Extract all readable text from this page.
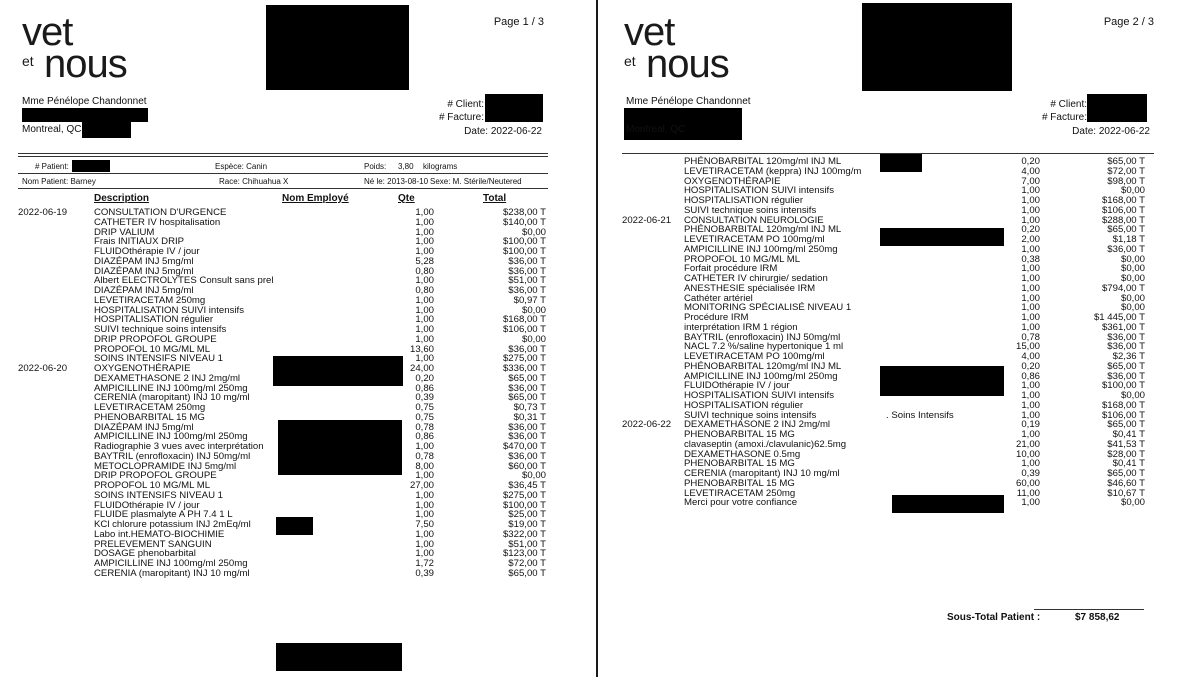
vet
et nous
Page 1 / 3
Mme Pénélope Chandonnet
Montreal, QC
# Client:
# Facture:
Date: 2022-06-22
# Patient:	Espèce: Canin	Poids: 3,80 kilograms
Nom Patient: Barney	Race: Chihuahua X	Né le: 2013-08-10 Sexe: M. Stérile/Neutered
Description	Nom Employé	Qte	Total
2022-06-19	CONSULTATION D'URGENCE	1,00	$238,00 T
CATHETER IV hospitalisation	1,00	$140,00 T
DRIP VALIUM	1,00	$0,00
Frais INITIAUX DRIP	1,00	$100,00 T
FLUIDOthérapie IV / jour	1,00	$100,00 T
DIAZÉPAM INJ 5mg/ml	5,28	$36,00 T
DIAZÉPAM INJ 5mg/ml	0,80	$36,00 T
Albert ELECTROLYTES Consult sans prel	1,00	$51,00 T
DIAZÉPAM INJ 5mg/ml	0,80	$36,00 T
LEVETIRACETAM 250mg	1,00	$0,97 T
HOSPITALISATION SUIVI intensifs	1,00	$0,00
HOSPITALISATION régulier	1,00	$168,00 T
SUIVI technique soins intensifs	1,00	$106,00 T
DRIP PROPOFOL GROUPE	1,00	$0,00
PROPOFOL 10 MG/ML ML	13,60	$36,00 T
SOINS INTENSIFS NIVEAU 1	1,00	$275,00 T
2022-06-20	OXYGENOTHÉRAPIE	24,00	$336,00 T
DEXAMETHASONE 2 INJ 2mg/ml	0,20	$65,00 T
AMPICILLINE INJ 100mg/ml 250mg	0,86	$36,00 T
CERENIA (maropitant) INJ 10 mg/ml	0,39	$65,00 T
LEVETIRACETAM 250mg	0,75	$0,73 T
PHENOBARBITAL 15 MG	0,75	$0,31 T
DIAZÉPAM INJ 5mg/ml	0,78	$36,00 T
AMPICILLINE INJ 100mg/ml 250mg	0,86	$36,00 T
Radiographie 3 vues avec interprétation	1,00	$470,00 T
BAYTRIL (enrofloxacin) INJ 50mg/ml	0,78	$36,00 T
METOCLOPRAMIDE INJ 5mg/ml	8,00	$60,00 T
DRIP PROPOFOL GROUPE	1,00	$0,00
PROPOFOL 10 MG/ML ML	27,00	$36,45 T
SOINS INTENSIFS NIVEAU 1	1,00	$275,00 T
FLUIDOthérapie IV / jour	1,00	$100,00 T
FLUIDE plasmalyte A PH 7.4 1 L	1,00	$25,00 T
KCl chlorure potassium INJ 2mEq/ml	7,50	$19,00 T
Labo int.HEMATO-BIOCHIMIE	1,00	$322,00 T
PRELEVEMENT SANGUIN	1,00	$51,00 T
DOSAGE phenobarbital	1,00	$123,00 T
AMPICILLINE INJ 100mg/ml 250mg	1,72	$72,00 T
CERENIA (maropitant) INJ 10 mg/ml	0,39	$65,00 T
vet
et nous
Page 2 / 3
Mme Pénélope Chandonnet
Montreal, QC
# Client:
# Facture:
Date: 2022-06-22
PHÉNOBARBITAL 120mg/ml INJ ML	0,20	$65,00 T
LEVETIRACETAM (keppra) INJ 100mg/m	4,00	$72,00 T
OXYGENOTHÉRAPIE	7,00	$98,00 T
HOSPITALISATION SUIVI intensifs	1,00	$0,00
HOSPITALISATION régulier	1,00	$168,00 T
SUIVI technique soins intensifs	1,00	$106,00 T
2022-06-21 CONSULTATION NEUROLOGIE	1,00	$288,00 T
PHÉNOBARBITAL 120mg/ml INJ ML	0,20	$65,00 T
LEVETIRACETAM PO 100mg/ml	2,00	$1,18 T
AMPICILLINE INJ 100mg/ml 250mg	1,00	$36,00 T
PROPOFOL 10 MG/ML ML	0,38	$0,00
Forfait procédure IRM	1,00	$0,00
CATHETER IV chirurgie/ sedation	1,00	$0,00
ANESTHESIE spécialisée IRM	1,00	$794,00 T
Cathéter artériel	1,00	$0,00
MONITORING SPÉCIALISÉ NIVEAU 1	1,00	$0,00
Procédure IRM	1,00	$1 445,00 T
interprétation IRM 1 région	1,00	$361,00 T
BAYTRIL (enrofloxacin) INJ 50mg/ml	0,78	$36,00 T
NACL 7.2 %/saline hypertonique 1 ml	15,00	$36,00 T
LEVETIRACETAM PO 100mg/ml	4,00	$2,36 T
PHÉNOBARBITAL 120mg/ml INJ ML	0,20	$65,00 T
AMPICILLINE INJ 100mg/ml 250mg	0,86	$36,00 T
FLUIDOthérapie IV / jour	1,00	$100,00 T
HOSPITALISATION SUIVI intensifs	1,00	$0,00
HOSPITALISATION régulier	1,00	$168,00 T
SUIVI technique soins intensifs	. Soins Intensifs	1,00	$106,00 T
2022-06-22 DEXAMETHASONE 2 INJ 2mg/ml	0,19	$65,00 T
PHENOBARBITAL 15 MG	1,00	$0,41 T
clavaseptin (amoxi./clavulanic)62.5mg	21,00	$41,53 T
DEXAMETHASONE 0.5mg	10,00	$28,00 T
PHENOBARBITAL 15 MG	1,00	$0,41 T
CERENIA (maropitant) INJ 10 mg/ml	0,39	$65,00 T
PHENOBARBITAL 15 MG	60,00	$46,60 T
LEVETIRACETAM 250mg	11,00	$10,67 T
Merci pour votre confiance	1,00	$0,00
Sous-Total Patient :	$7 858,62
